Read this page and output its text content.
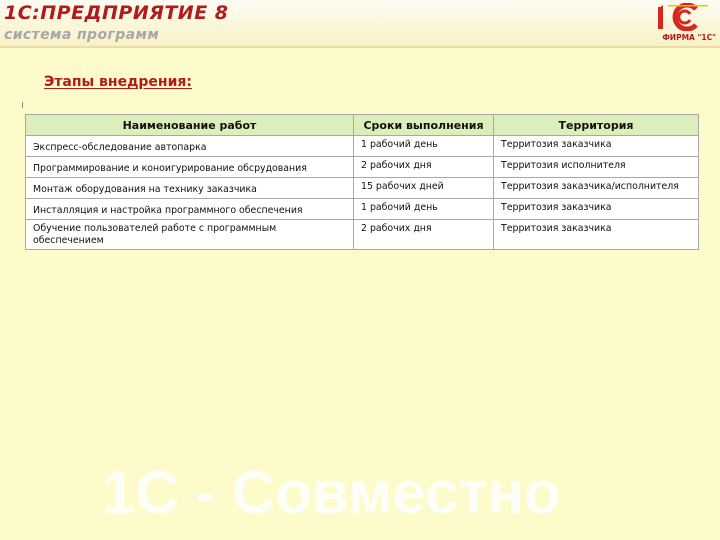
1С:ПРЕДПРИЯТИЕ 8
система программ	ФИРМА "1С"
Этапы внедрения:
Наименование работ	Сроки выполнения	Территория
Экспресс-обследование автопарка	1 рабочий день	Территозия заказчика
Программирование и коноигурирование обсрудования	2 рабочих дня	Территозия исполнителя
Монтаж оборудования на технику заказчика	15 рабочих дней	Территозия заказчика/исполнителя
Инсталляция и настройка программного обеспечения	1 рабочий день	Территозия заказчика
Обучение пользователей работе с программным обеспечением	2 рабочих дня	Территозия заказчика
1С - Совместно
